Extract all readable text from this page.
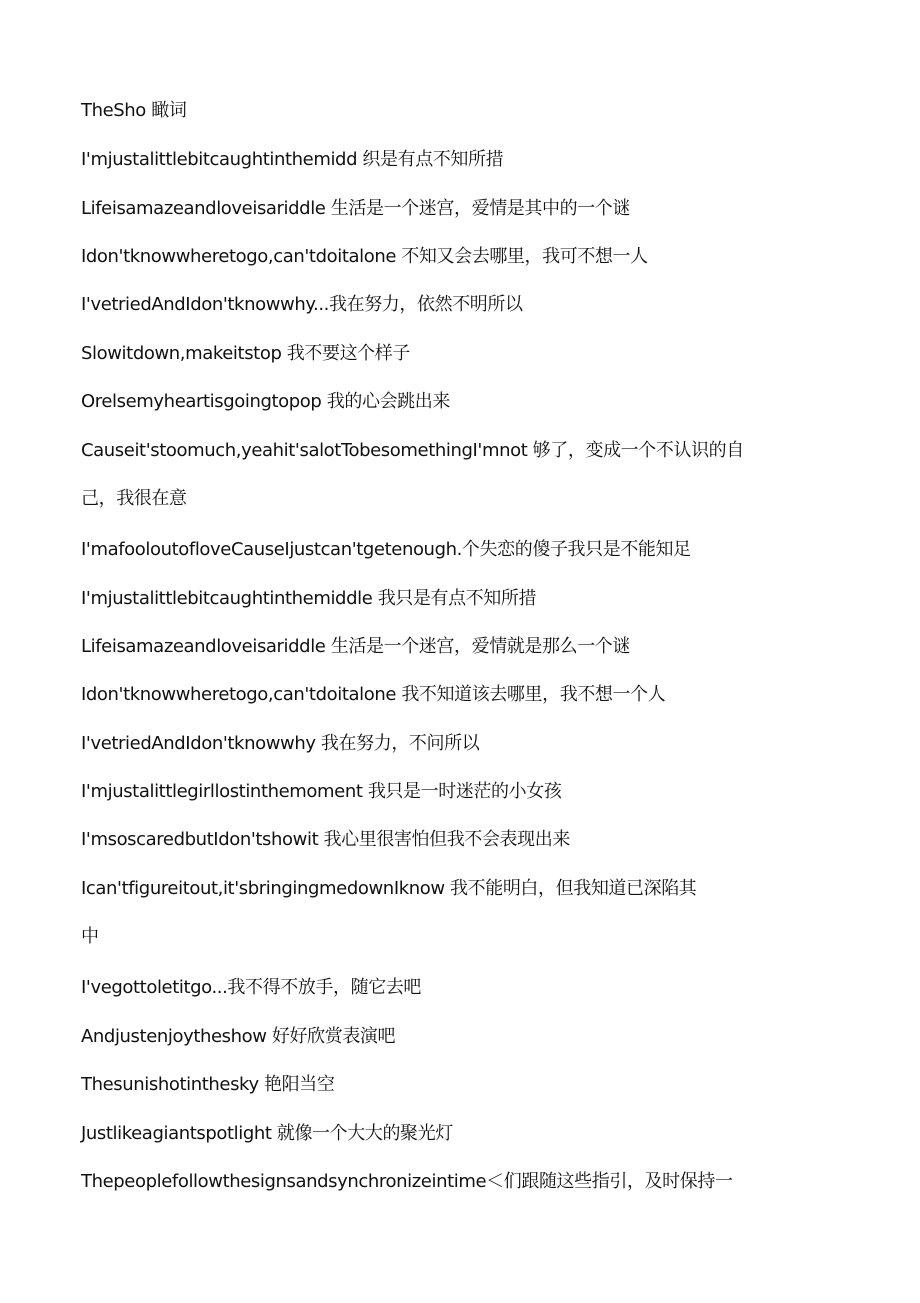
TheSho 瞰词
I'mjustalittlebitcaughtinthemidd 织是有点不知所措
Lifeisamazeandloveisariddle 生活是一个迷宫，爱情是其中的一个谜
Idon'tknowwheretogo,can'tdoitalone 不知又会去哪里，我可不想一人
I'vetriedAndIdon'tknowwhy...我在努力，依然不明所以
Slowitdown,makeitstop 我不要这个样子
Orelsemyheartisgoingtopop 我的心会跳出来
Causeit'stoomuch,yeahit'salotTobesomethingI'mnot 够了，变成一个不认识的自
己，我很在意
I'mafooloutofloveCauseIjustcan'tgetenough.个失恋的傻子我只是不能知足
I'mjustalittlebitcaughtinthemiddle 我只是有点不知所措
Lifeisamazeandloveisariddle 生活是一个迷宫，爱情就是那么一个谜
Idon'tknowwheretogo,can'tdoitalone 我不知道该去哪里，我不想一个人
I'vetriedAndIdon'tknowwhy 我在努力，不问所以
I'mjustalittlegirllostinthemoment 我只是一时迷茫的小女孩
I'msoscaredbutIdon'tshowit 我心里很害怕但我不会表现出来
Ican'tfigureitout,it'sbringingmedownIknow 我不能明白，但我知道已深陷其
中
I'vegottoletitgo...我不得不放手，随它去吧
Andjustenjoytheshow 好好欣赏表演吧
Thesunishotinthesky 艳阳当空
Justlikeagiantspotlight 就像一个大大的聚光灯
Thepeoplefollowthesignsandsynchronizeintime＜们跟随这些指引，及时保持一
